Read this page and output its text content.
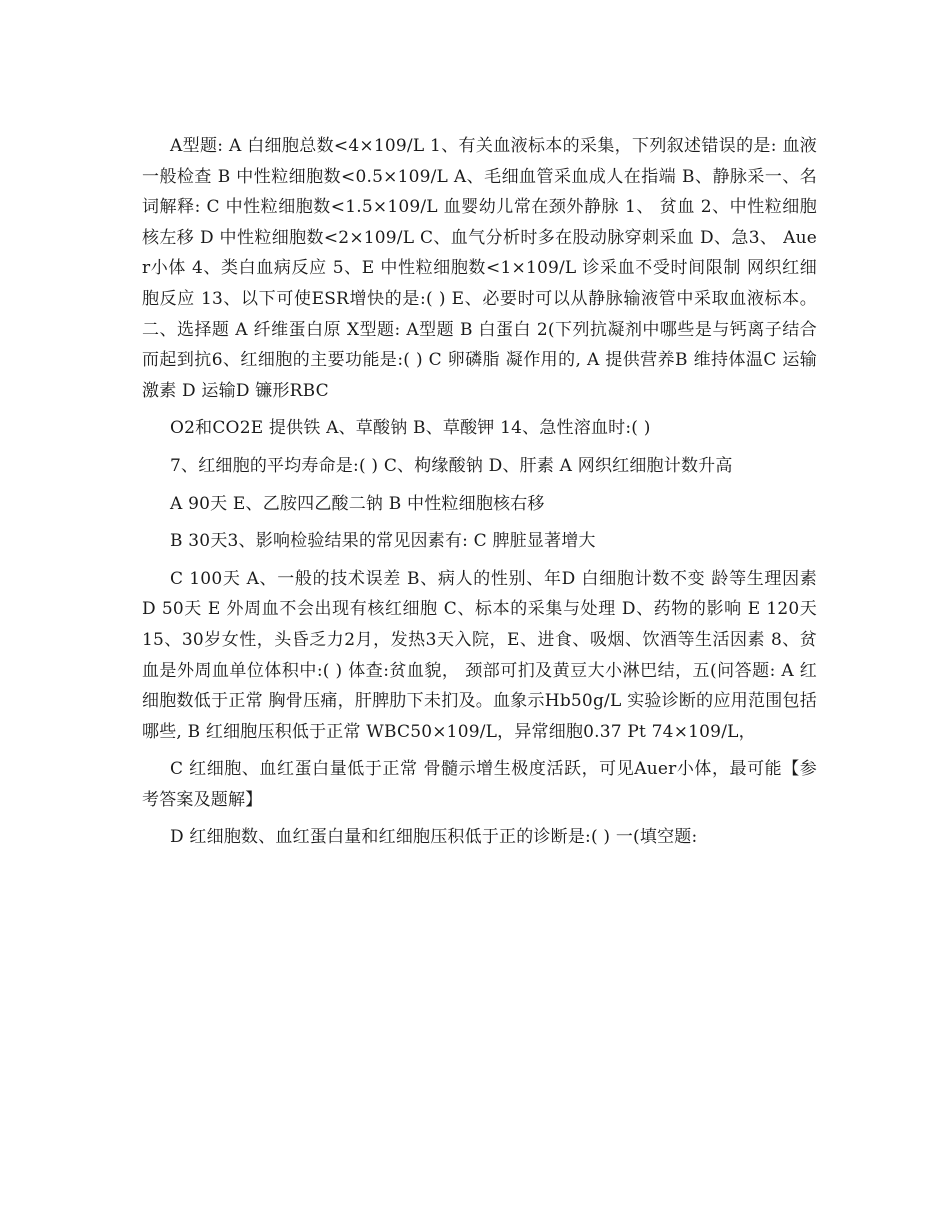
A型题: A 白细胞总数<4×109/L 1、有关血液标本的采集，下列叙述错误的是: 血液一般检查 B 中性粒细胞数<0.5×109/L A、毛细血管采血成人在指端 B、静脉采一、名词解释: C 中性粒细胞数<1.5×109/L 血婴幼儿常在颈外静脉 1、 贫血 2、中性粒细胞核左移 D 中性粒细胞数<2×109/L C、血气分析时多在股动脉穿刺采血 D、急3、 Auer小体 4、类白血病反应 5、E 中性粒细胞数<1×109/L 诊采血不受时间限制 网织红细胞反应 13、以下可使ESR增快的是:( ) E、必要时可以从静脉输液管中采取血液标本。 二、选择题 A 纤维蛋白原 X型题: A型题 B 白蛋白 2(下列抗凝剂中哪些是与钙离子结合而起到抗6、红细胞的主要功能是:( ) C 卵磷脂 凝作用的, A 提供营养B 维持体温C 运输激素 D 运输D 镰形RBC

O2和CO2E 提供铁 A、草酸钠 B、草酸钾 14、急性溶血时:( )

7、红细胞的平均寿命是:( ) C、枸缘酸钠 D、肝素 A 网织红细胞计数升高

A 90天 E、乙胺四乙酸二钠 B 中性粒细胞核右移

B 30天3、影响检验结果的常见因素有: C 脾脏显著增大

C 100天 A、一般的技术误差 B、病人的性别、年D 白细胞计数不变 龄等生理因素 D 50天 E 外周血不会出现有核红细胞 C、标本的采集与处理 D、药物的影响 E 120天 15、30岁女性，头昏乏力2月，发热3天入院，E、进食、吸烟、饮酒等生活因素 8、贫血是外周血单位体积中:( ) 体查:贫血貌， 颈部可扪及黄豆大小淋巴结，五(问答题: A 红细胞数低于正常 胸骨压痛，肝脾肋下未扪及。血象示Hb50g/L 实验诊断的应用范围包括哪些, B 红细胞压积低于正常 WBC50×109/L，异常细胞0.37 Pt 74×109/L，

C 红细胞、血红蛋白量低于正常 骨髓示增生极度活跃，可见Auer小体，最可能【参考答案及题解】

D 红细胞数、血红蛋白量和红细胞压积低于正的诊断是:( ) 一(填空题:
